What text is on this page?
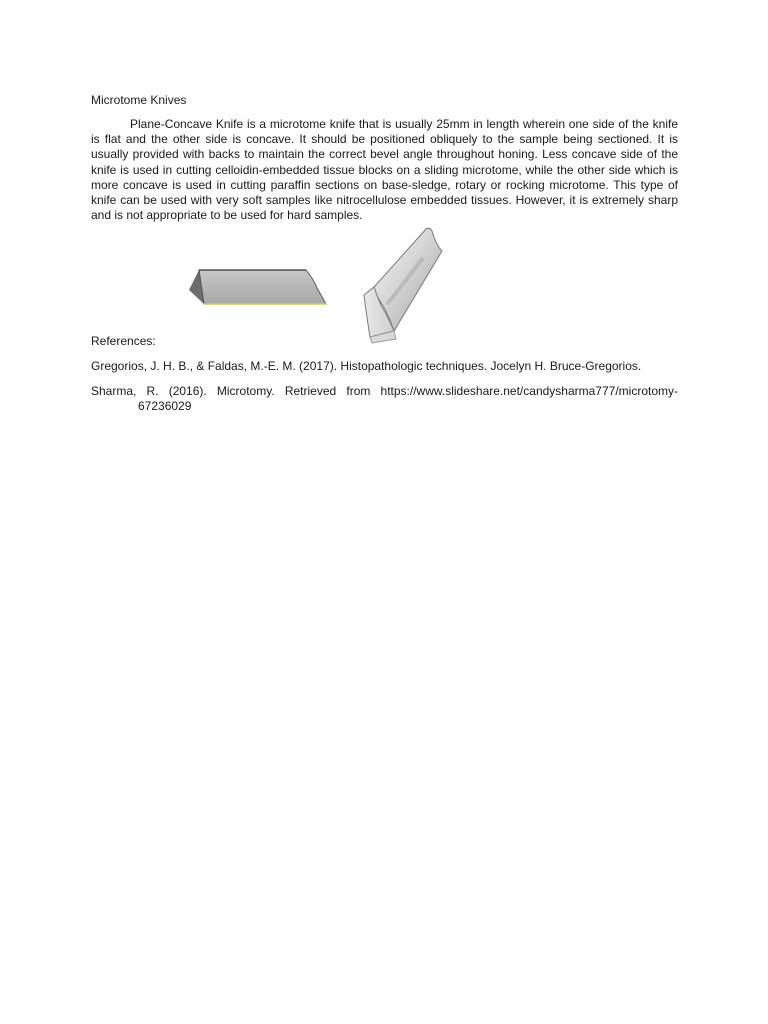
Microtome Knives

Plane-Concave Knife is a microtome knife that is usually 25mm in length wherein one side of the knife is flat and the other side is concave. It should be positioned obliquely to the sample being sectioned. It is usually provided with backs to maintain the correct bevel angle throughout honing. Less concave side of the knife is used in cutting celloidin-embedded tissue blocks on a sliding microtome, while the other side which is more concave is used in cutting paraffin sections on base-sledge, rotary or rocking microtome. This type of knife can be used with very soft samples like nitrocellulose embedded tissues. However, it is extremely sharp and is not appropriate to be used for hard samples.

References:

Gregorios, J. H. B., & Faldas, M.-E. M. (2017). Histopathologic techniques. Jocelyn H. Bruce-Gregorios.

Sharma, R. (2016). Microtomy. Retrieved from https://www.slideshare.net/candysharma777/microtomy-67236029
